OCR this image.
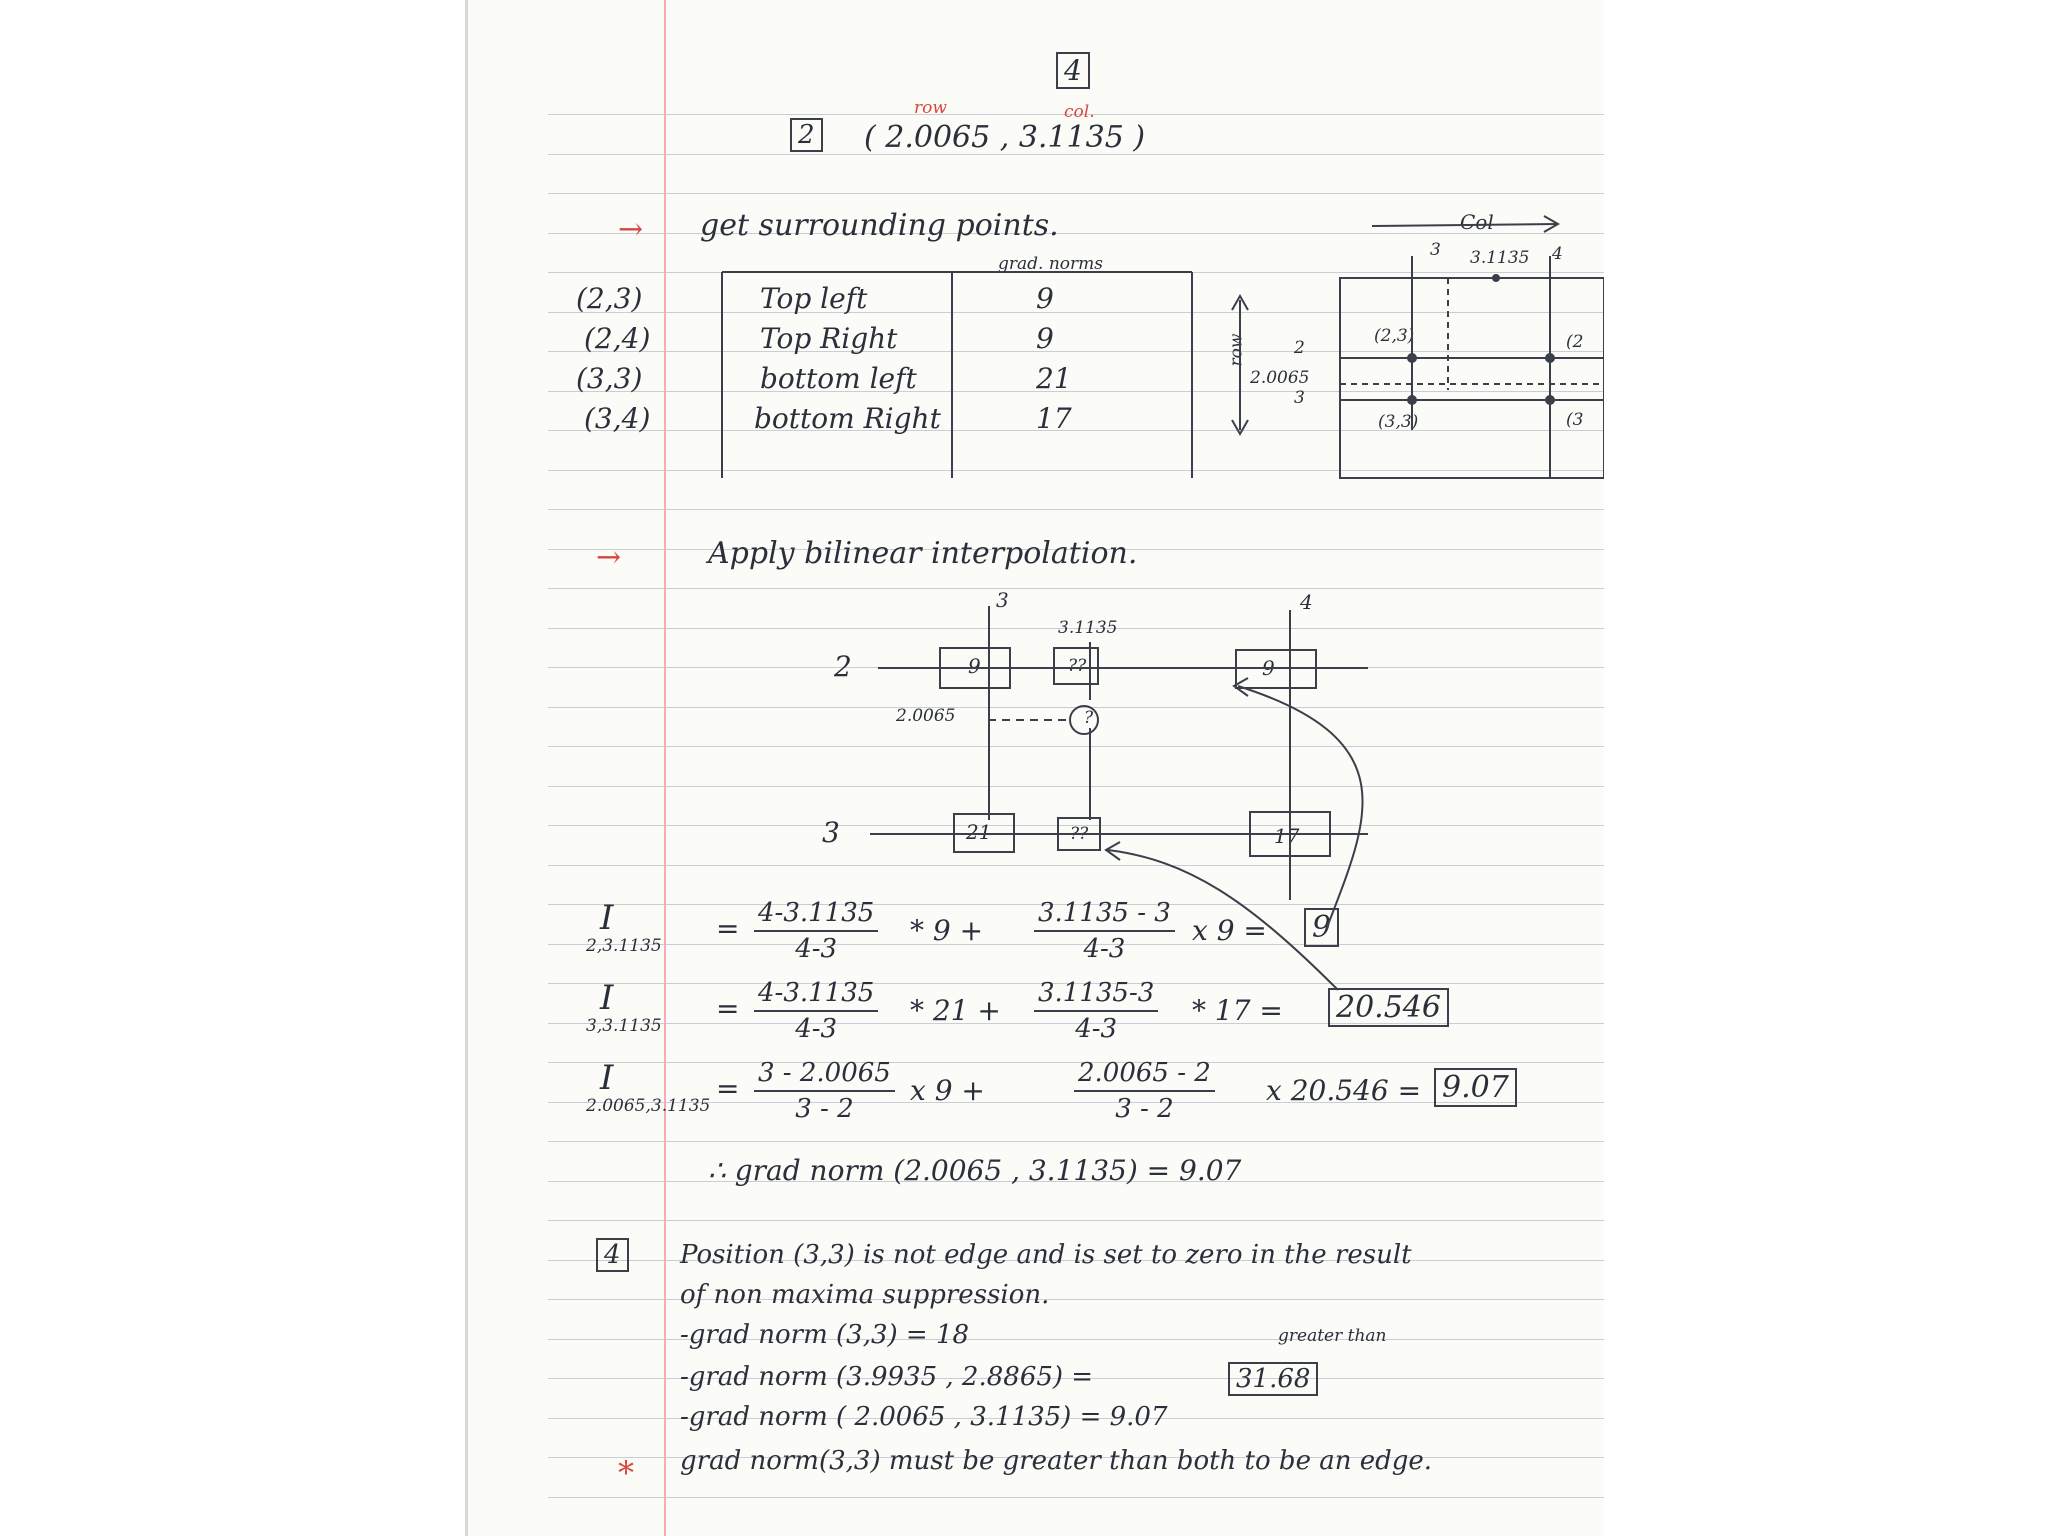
4
2 ( 2.0065 , 3.1135 )
row	col.
→ get surrounding points.
grad. norms
(2,3)	Top left	9
(2,4)	Top Right	9
(3,3)	bottom left	21
(3,4)	bottom Right	17
Col
3 3.1135 4
row	2
2.0065
3
(2,3)
(3,3)
(2
(3
→	Apply bilinear interpolation.
3	4
3.1135
2
3
2.0065
9	9
21	17
??
??
?
I
2,3.1135
= $\frac{4-3.1135}{4-3} * 9 + \frac{3.1135 - 3}{4-3}$ x 9 = 9
I
3,3.1135
= $\frac{4-3.1135}{4-3} * 21 + \frac{3.1135-3}{4-3} * 17 = 20.546$
I
2.0065,3.1135
= $\frac{3 - 2.0065}{3 - 2}$ x 9 +	$\frac{2.0065 - 2}{3 - 2}$ x 20.546 = 9.07
∴ grad norm (2.0065 , 3.1135) = 9.07
4	Position (3,3) is not edge and is set to zero in the result
of non maxima suppression.
-grad norm (3,3) = 18
-grad norm (3.9935 , 2.8865) =	31.68
-grad norm ( 2.0065 , 3.1135) = 9.07
greater than
* grad norm(3,3) must be greater than both to be an edge.
